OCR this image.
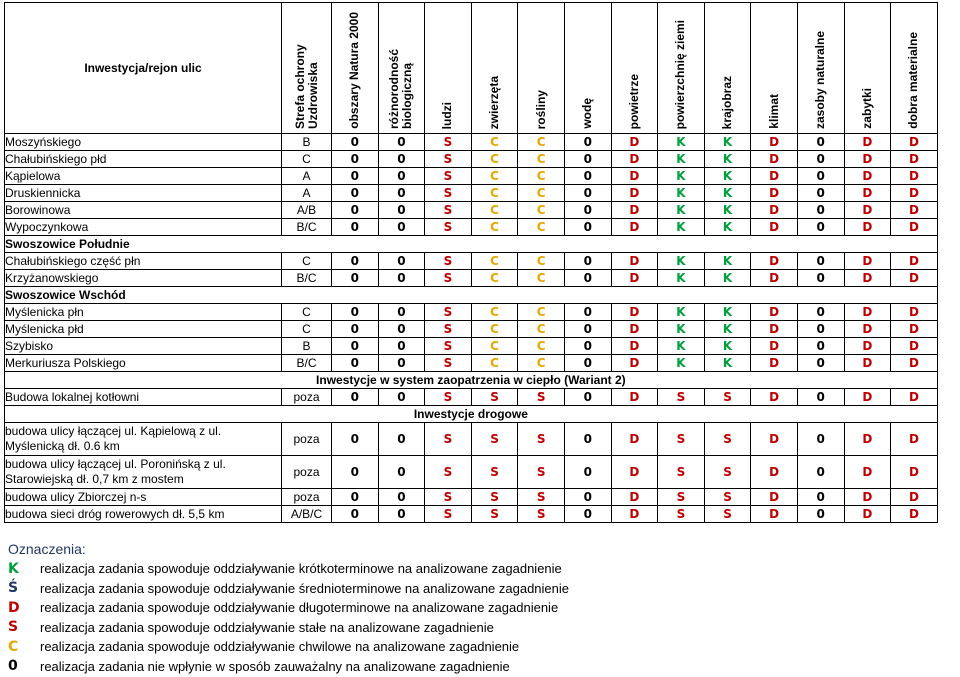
Inwestycja/rejon ulic	Strefa ochrony Uzdrowiska	obszary Natura 2000	różnorodność biologiczną	ludzi	zwierzęta	rośliny	wodę	powietrze	powierzchnię ziemi	krajobraz	klimat	zasoby naturalne	zabytki	dobra materialne

Moszyńskiego	B	0	0	S	C	C	0	D	K	K	D	0	D	D
Chałubińskiego płd	C	0	0	S	C	C	0	D	K	K	D	0	D	D
Kąpielowa	A	0	0	S	C	C	0	D	K	K	D	0	D	D
Druskiennicka	A	0	0	S	C	C	0	D	K	K	D	0	D	D
Borowinowa	A/B	0	0	S	C	C	0	D	K	K	D	0	D	D
Wypoczynkowa	B/C	0	0	S	C	C	0	D	K	K	D	0	D	D
Swoszowice Południe														
Chałubińskiego część płn	C	0	0	S	C	C	0	D	K	K	D	0	D	D
Krzyżanowskiego	B/C	0	0	S	C	C	0	D	K	K	D	0	D	D
Swoszowice Wschód														
Myślenicka płn	C	0	0	S	C	C	0	D	K	K	D	0	D	D
Myślenicka płd	C	0	0	S	C	C	0	D	K	K	D	0	D	D
Szybisko	B	0	0	S	C	C	0	D	K	K	D	0	D	D
Merkuriusza Polskiego	B/C	0	0	S	C	C	0	D	K	K	D	0	D	D
Inwestycje w system zaopatrzenia w ciepło (Wariant 2)														
Budowa lokalnej kotłowni	poza	0	0	S	S	S	0	D	S	S	D	0	D	D
Inwestycje drogowe														
budowa ulicy łączącej ul. Kąpielową z ul. Myślenicką dł. 0.6 km	poza	0	0	S	S	S	0	D	S	S	D	0	D	D
budowa ulicy łączącej ul. Poronińską z ul. Starowiejską dł. 0,7 km z mostem	poza	0	0	S	S	S	0	D	S	S	D	0	D	D
budowa ulicy Zbiorczej n-s	poza	0	0	S	S	S	0	D	S	S	D	0	D	D
budowa sieci dróg rowerowych dł. 5,5 km	A/B/C	0	0	S	S	S	0	D	S	S	D	0	D	D
Oznaczenia:
K	realizacja zadania spowoduje oddziaływanie krótkoterminowe na analizowane zagadnienie
Ś	realizacja zadania spowoduje oddziaływanie średnioterminowe na analizowane zagadnienie
D	realizacja zadania spowoduje oddziaływanie długoterminowe na analizowane zagadnienie
S	realizacja zadania spowoduje oddziaływanie stałe na analizowane zagadnienie
C	realizacja zadania spowoduje oddziaływanie chwilowe na analizowane zagadnienie
0	realizacja zadania nie wpłynie w sposób zauważalny na analizowane zagadnienie
